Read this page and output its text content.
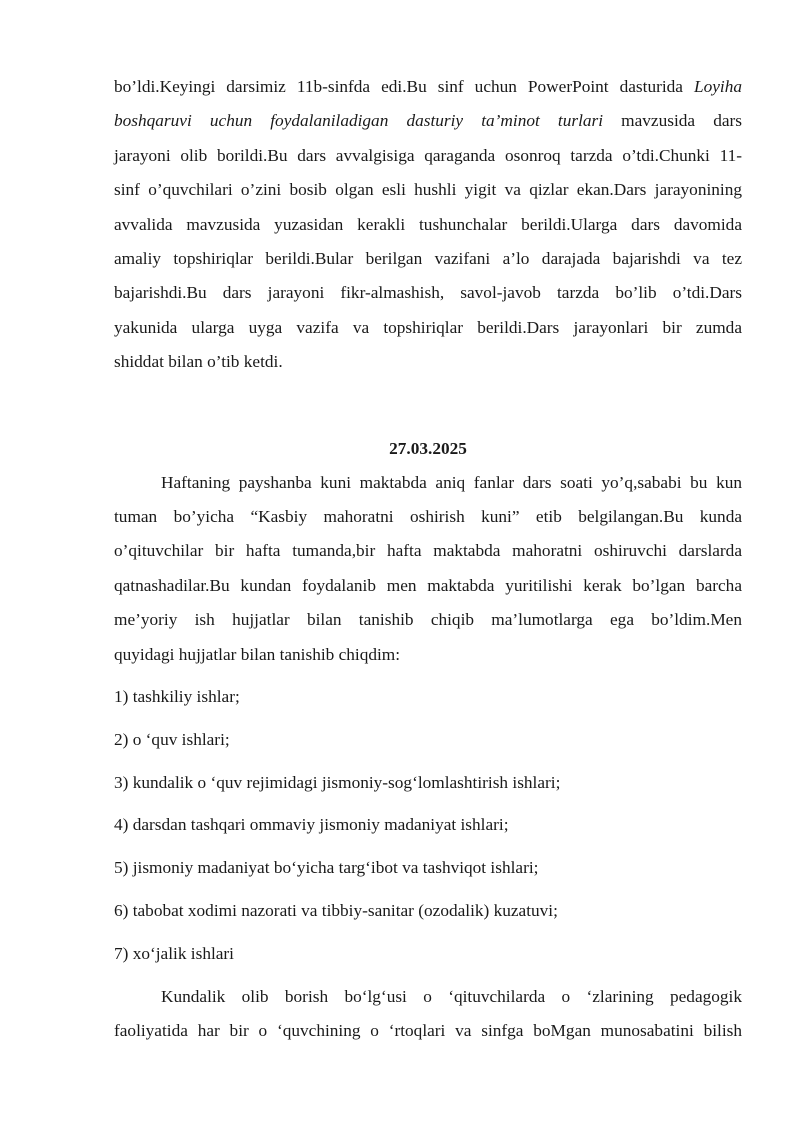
bo’ldi.Keyingi darsimiz 11b-sinfda edi.Bu sinf uchun PowerPoint dasturida Loyiha
boshqaruvi uchun foydalaniladigan dasturiy ta’minot turlari mavzusida dars
jarayoni olib borildi.Bu dars avvalgisiga qaraganda osonroq tarzda o’tdi.Chunki 11-
sinf o’quvchilari o’zini bosib olgan esli hushli yigit va qizlar ekan.Dars jarayonining
avvalida mavzusida yuzasidan kerakli tushunchalar berildi.Ularga dars davomida
amaliy topshiriqlar berildi.Bular berilgan vazifani a’lo darajada bajarishdi va tez
bajarishdi.Bu dars jarayoni fikr-almashish, savol-javob tarzda bo’lib o’tdi.Dars
yakunida ularga uyga vazifa va topshiriqlar berildi.Dars jarayonlari bir zumda
shiddat bilan o’tib ketdi.
27.03.2025
Haftaning payshanba kuni maktabda aniq fanlar dars soati yo’q,sababi bu kun
tuman bo’yicha “Kasbiy mahoratni oshirish kuni” etib belgilangan.Bu kunda
o’qituvchilar bir hafta tumanda,bir hafta maktabda mahoratni oshiruvchi darslarda
qatnashadilar.Bu kundan foydalanib men maktabda yuritilishi kerak bo’lgan barcha
me’yoriy ish hujjatlar bilan tanishib chiqib ma’lumotlarga ega bo’ldim.Men
quyidagi hujjatlar bilan tanishib chiqdim:

1) tashkiliy ishlar;

2) o ‘quv ishlari;

3) kundalik o ‘quv rejimidagi jismoniy-sog‘lomlashtirish ishlari;

4) darsdan tashqari ommaviy jismoniy madaniyat ishlari;

5) jismoniy madaniyat bo‘yicha targ‘ibot va tashviqot ishlari;

6) tabobat xodimi nazorati va tibbiy-sanitar (ozodalik) kuzatuvi;

7) xo‘jalik ishlari

Kundalik olib borish bo‘lg‘usi o ‘qituvchilarda o ‘zlarining pedagogik
faoliyatida har bir o ‘quvchining o ‘rtoqlari va sinfga boMgan munosabatini bilish
